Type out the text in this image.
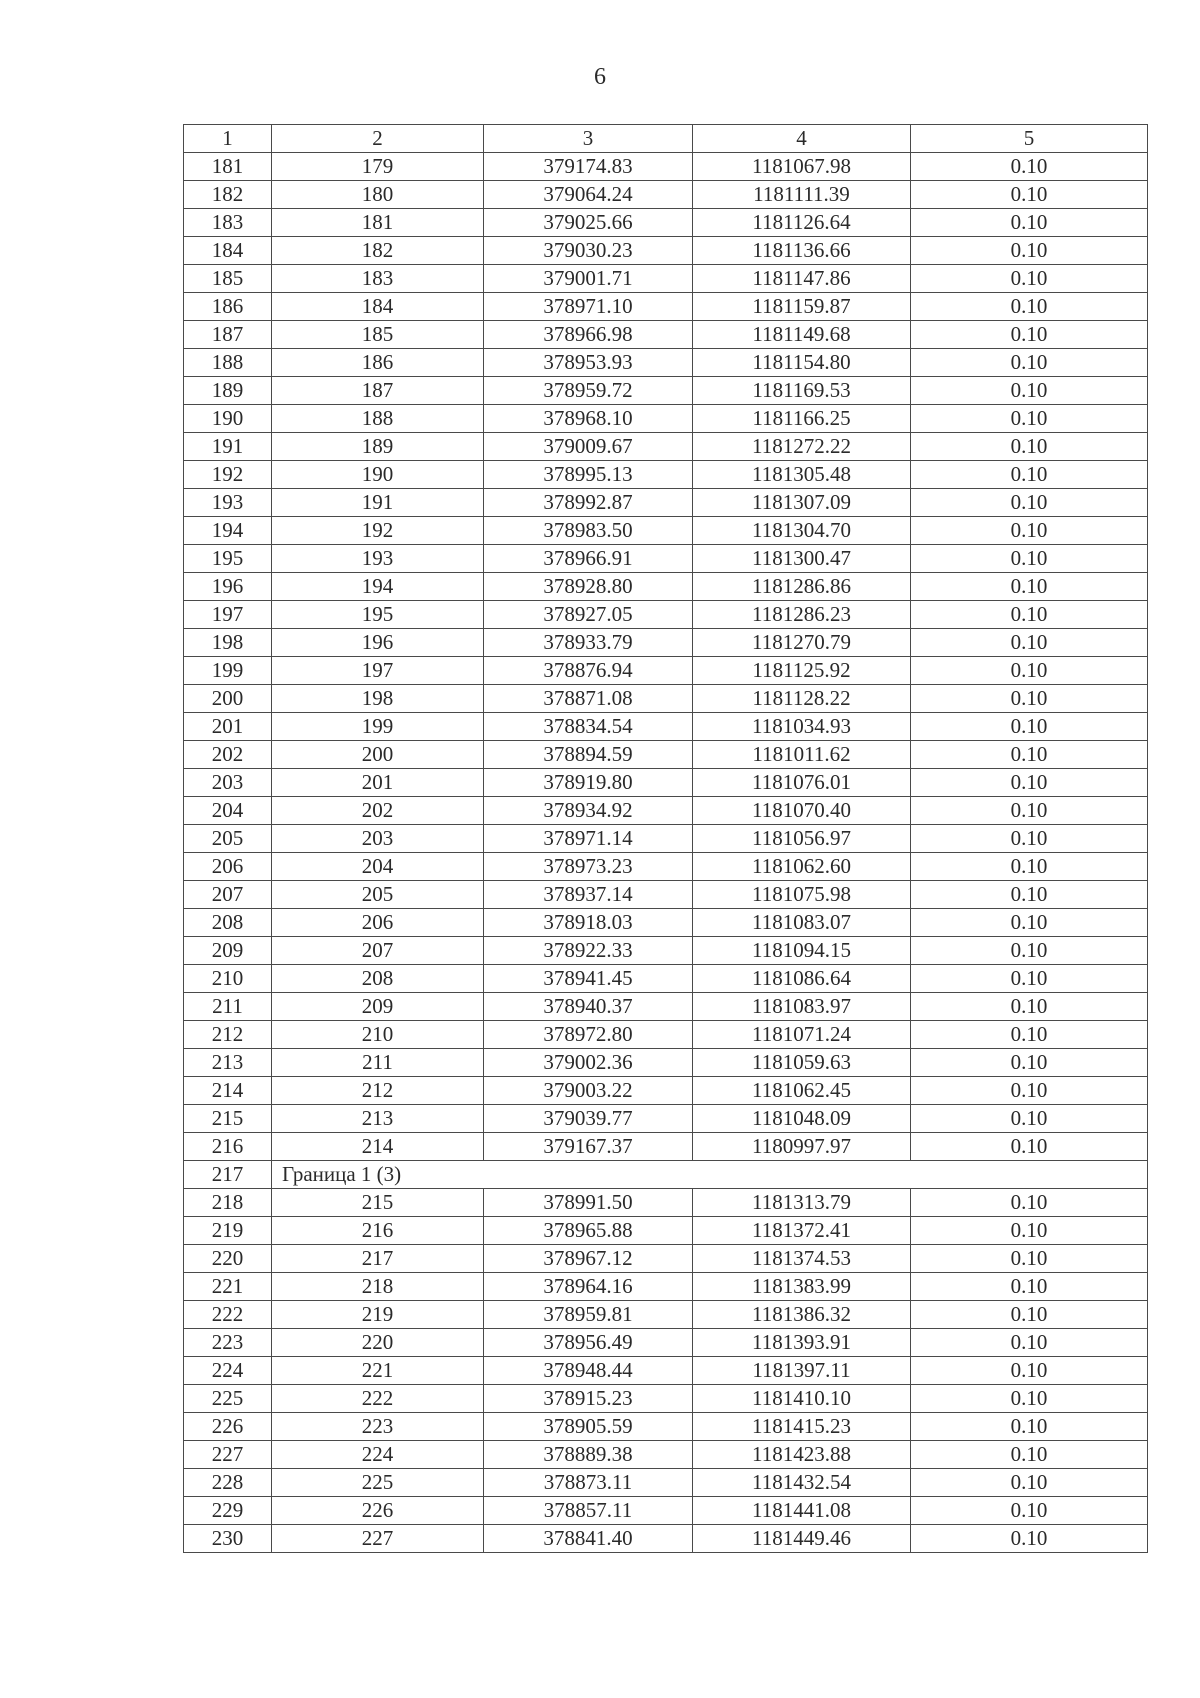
6
1	2	3	4	5
181	179	379174.83	1181067.98	0.10
182	180	379064.24	1181111.39	0.10
183	181	379025.66	1181126.64	0.10
184	182	379030.23	1181136.66	0.10
185	183	379001.71	1181147.86	0.10
186	184	378971.10	1181159.87	0.10
187	185	378966.98	1181149.68	0.10
188	186	378953.93	1181154.80	0.10
189	187	378959.72	1181169.53	0.10
190	188	378968.10	1181166.25	0.10
191	189	379009.67	1181272.22	0.10
192	190	378995.13	1181305.48	0.10
193	191	378992.87	1181307.09	0.10
194	192	378983.50	1181304.70	0.10
195	193	378966.91	1181300.47	0.10
196	194	378928.80	1181286.86	0.10
197	195	378927.05	1181286.23	0.10
198	196	378933.79	1181270.79	0.10
199	197	378876.94	1181125.92	0.10
200	198	378871.08	1181128.22	0.10
201	199	378834.54	1181034.93	0.10
202	200	378894.59	1181011.62	0.10
203	201	378919.80	1181076.01	0.10
204	202	378934.92	1181070.40	0.10
205	203	378971.14	1181056.97	0.10
206	204	378973.23	1181062.60	0.10
207	205	378937.14	1181075.98	0.10
208	206	378918.03	1181083.07	0.10
209	207	378922.33	1181094.15	0.10
210	208	378941.45	1181086.64	0.10
211	209	378940.37	1181083.97	0.10
212	210	378972.80	1181071.24	0.10
213	211	379002.36	1181059.63	0.10
214	212	379003.22	1181062.45	0.10
215	213	379039.77	1181048.09	0.10
216	214	379167.37	1180997.97	0.10
217	Граница 1 (3)			
218	215	378991.50	1181313.79	0.10
219	216	378965.88	1181372.41	0.10
220	217	378967.12	1181374.53	0.10
221	218	378964.16	1181383.99	0.10
222	219	378959.81	1181386.32	0.10
223	220	378956.49	1181393.91	0.10
224	221	378948.44	1181397.11	0.10
225	222	378915.23	1181410.10	0.10
226	223	378905.59	1181415.23	0.10
227	224	378889.38	1181423.88	0.10
228	225	378873.11	1181432.54	0.10
229	226	378857.11	1181441.08	0.10
230	227	378841.40	1181449.46	0.10
